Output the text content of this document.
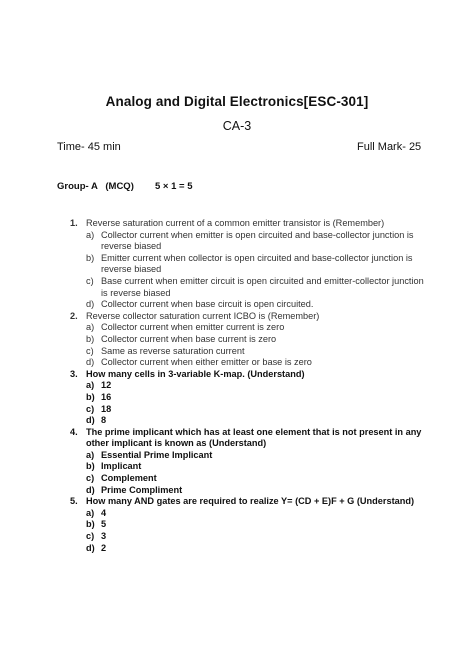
Analog and Digital Electronics[ESC-301]
CA-3
Time- 45 min	Full Mark- 25
Group- A   (MCQ)        5 × 1 = 5
1. Reverse saturation current of a common emitter transistor is (Remember)
a) Collector current when emitter is open circuited and base-collector junction is reverse biased
b) Emitter current when collector is open circuited and base-collector junction is reverse biased
c) Base current when emitter circuit is open circuited and emitter-collector junction is reverse biased
d) Collector current when base circuit is open circuited.
2. Reverse collector saturation current ICBO is (Remember)
a) Collector current when emitter current is zero
b) Collector current when base current is zero
c) Same as reverse saturation current
d) Collector current when either emitter or base is zero
3. How many cells in 3-variable K-map. (Understand)
a) 12
b) 16
c) 18
d) 8
4. The prime implicant which has at least one element that is not present in any other implicant is known as (Understand)
a) Essential Prime Implicant
b) Implicant
c) Complement
d) Prime Compliment
5. How many AND gates are required to realize Y= (CD + E)F + G (Understand)
a) 4
b) 5
c) 3
d) 2
